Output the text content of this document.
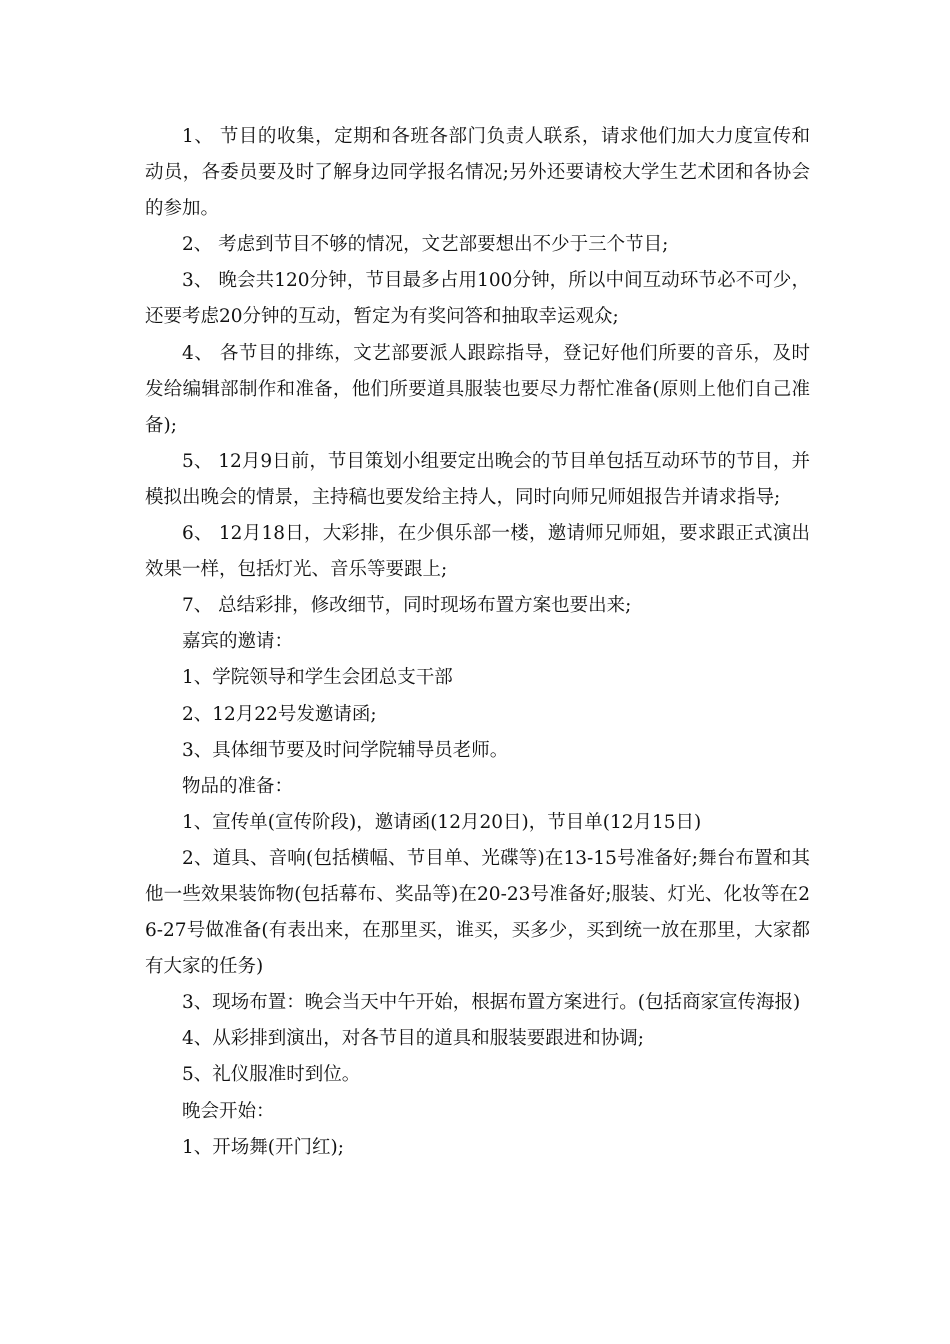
1、 节目的收集，定期和各班各部门负责人联系，请求他们加大力度宣传和动员，各委员要及时了解身边同学报名情况;另外还要请校大学生艺术团和各协会的参加。

2、 考虑到节目不够的情况，文艺部要想出不少于三个节目;

3、 晚会共120分钟，节目最多占用100分钟，所以中间互动环节必不可少，还要考虑20分钟的互动，暂定为有奖问答和抽取幸运观众;

4、 各节目的排练，文艺部要派人跟踪指导，登记好他们所要的音乐，及时发给编辑部制作和准备，他们所要道具服装也要尽力帮忙准备(原则上他们自己准备);

5、 12月9日前，节目策划小组要定出晚会的节目单包括互动环节的节目，并模拟出晚会的情景，主持稿也要发给主持人，同时向师兄师姐报告并请求指导;

6、 12月18日，大彩排，在少俱乐部一楼，邀请师兄师姐，要求跟正式演出效果一样，包括灯光、音乐等要跟上;

7、 总结彩排，修改细节，同时现场布置方案也要出来;

嘉宾的邀请：

1、学院领导和学生会团总支干部

2、12月22号发邀请函;

3、具体细节要及时问学院辅导员老师。

物品的准备：

1、宣传单(宣传阶段)，邀请函(12月20日)，节目单(12月15日)

2、道具、音响(包括横幅、节目单、光碟等)在13-15号准备好;舞台布置和其他一些效果装饰物(包括幕布、奖品等)在20-23号准备好;服装、灯光、化妆等在26-27号做准备(有表出来，在那里买，谁买，买多少，买到统一放在那里，大家都有大家的任务)

3、现场布置：晚会当天中午开始，根据布置方案进行。(包括商家宣传海报)

4、从彩排到演出，对各节目的道具和服装要跟进和协调;

5、礼仪服准时到位。

晚会开始：

1、开场舞(开门红);
